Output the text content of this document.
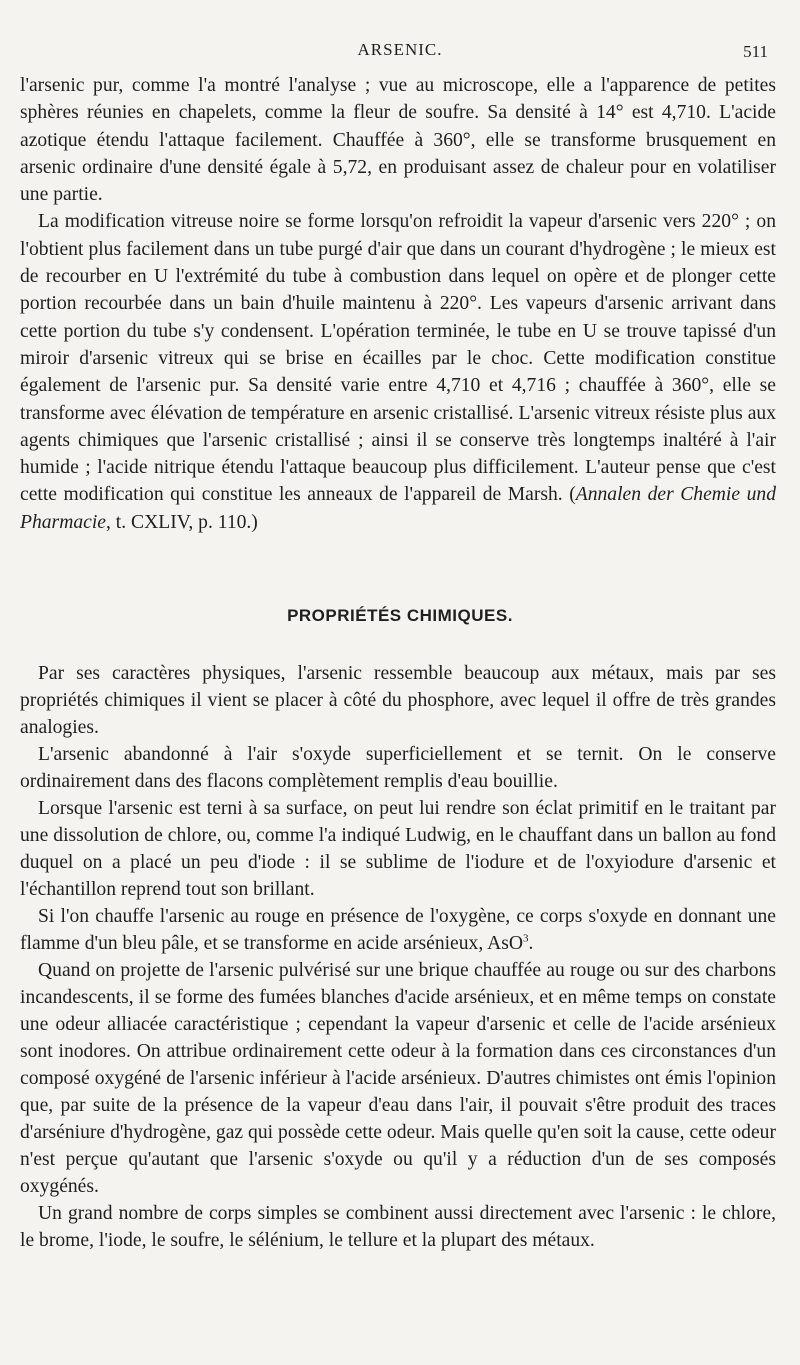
ARSENIC.	511

l'arsenic pur, comme l'a montré l'analyse ; vue au microscope, elle a l'apparence de petites sphères réunies en chapelets, comme la fleur de soufre. Sa densité à 14° est 4,710. L'acide azotique étendu l'attaque facilement. Chauffée à 360°, elle se transforme brusquement en arsenic ordinaire d'une densité égale à 5,72, en produisant assez de chaleur pour en volatiliser une partie.

La modification vitreuse noire se forme lorsqu'on refroidit la vapeur d'arsenic vers 220° ; on l'obtient plus facilement dans un tube purgé d'air que dans un courant d'hydrogène ; le mieux est de recourber en U l'extrémité du tube à combustion dans lequel on opère et de plonger cette portion recourbée dans un bain d'huile maintenu à 220°. Les vapeurs d'arsenic arrivant dans cette portion du tube s'y condensent. L'opération terminée, le tube en U se trouve tapissé d'un miroir d'arsenic vitreux qui se brise en écailles par le choc. Cette modification constitue également de l'arsenic pur. Sa densité varie entre 4,710 et 4,716 ; chauffée à 360°, elle se transforme avec élévation de température en arsenic cristallisé. L'arsenic vitreux résiste plus aux agents chimiques que l'arsenic cristallisé ; ainsi il se conserve très longtemps inaltéré à l'air humide ; l'acide nitrique étendu l'attaque beaucoup plus difficilement. L'auteur pense que c'est cette modification qui constitue les anneaux de l'appareil de Marsh. (Annalen der Chemie und Pharmacie, t. CXLIV, p. 110.)

PROPRIÉTÉS CHIMIQUES.

Par ses caractères physiques, l'arsenic ressemble beaucoup aux métaux, mais par ses propriétés chimiques il vient se placer à côté du phosphore, avec lequel il offre de très grandes analogies.

L'arsenic abandonné à l'air s'oxyde superficiellement et se ternit. On le conserve ordinairement dans des flacons complètement remplis d'eau bouillie.

Lorsque l'arsenic est terni à sa surface, on peut lui rendre son éclat primitif en le traitant par une dissolution de chlore, ou, comme l'a indiqué Ludwig, en le chauffant dans un ballon au fond duquel on a placé un peu d'iode : il se sublime de l'iodure et de l'oxyiodure d'arsenic et l'échantillon reprend tout son brillant.

Si l'on chauffe l'arsenic au rouge en présence de l'oxygène, ce corps s'oxyde en donnant une flamme d'un bleu pâle, et se transforme en acide arsénieux, AsO$^3$.

Quand on projette de l'arsenic pulvérisé sur une brique chauffée au rouge ou sur des charbons incandescents, il se forme des fumées blanches d'acide arsénieux, et en même temps on constate une odeur alliacée caractéristique ; cependant la vapeur d'arsenic et celle de l'acide arsénieux sont inodores. On attribue ordinairement cette odeur à la formation dans ces circonstances d'un composé oxygéné de l'arsenic inférieur à l'acide arsénieux. D'autres chimistes ont émis l'opinion que, par suite de la présence de la vapeur d'eau dans l'air, il pouvait s'être produit des traces d'arséniure d'hydrogène, gaz qui possède cette odeur. Mais quelle qu'en soit la cause, cette odeur n'est perçue qu'autant que l'arsenic s'oxyde ou qu'il y a réduction d'un de ses composés oxygénés.

Un grand nombre de corps simples se combinent aussi directement avec l'arsenic : le chlore, le brome, l'iode, le soufre, le sélénium, le tellure et la plupart des métaux.
